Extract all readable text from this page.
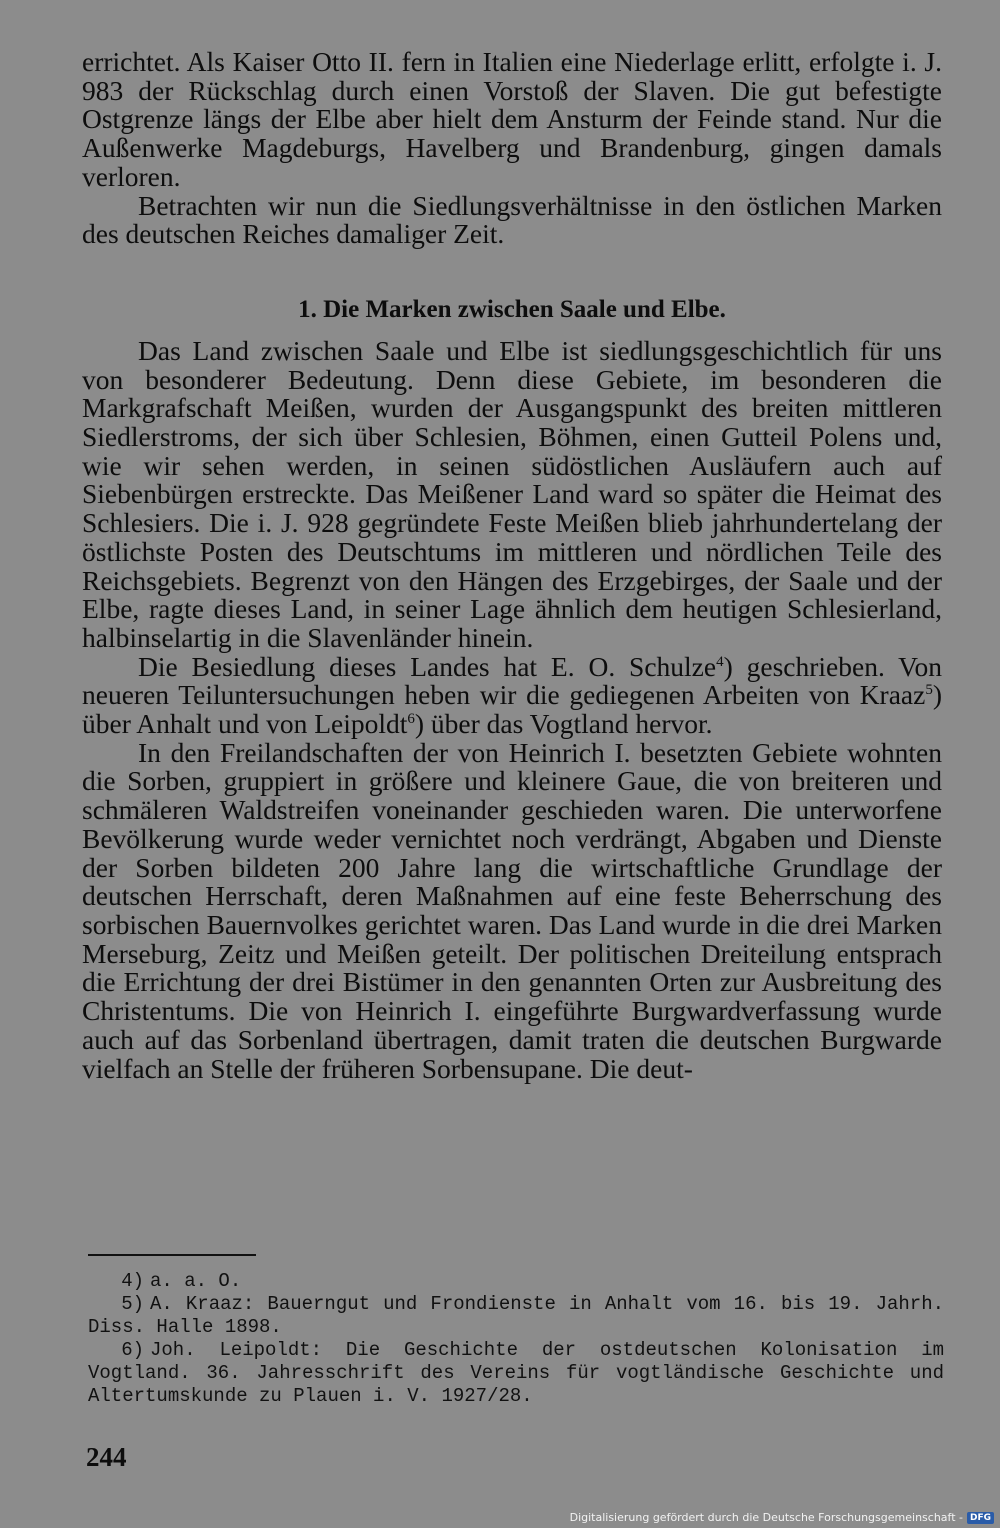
errichtet. Als Kaiser Otto II. fern in Italien eine Niederlage erlitt, erfolgte i. J. 983 der Rückschlag durch einen Vorstoß der Slaven. Die gut befestigte Ostgrenze längs der Elbe aber hielt dem Ansturm der Feinde stand. Nur die Außenwerke Magdeburgs, Havelberg und Brandenburg, gingen damals verloren.

Betrachten wir nun die Siedlungsverhältnisse in den östlichen Marken des deutschen Reiches damaliger Zeit.

1. Die Marken zwischen Saale und Elbe.

Das Land zwischen Saale und Elbe ist siedlungsgeschichtlich für uns von besonderer Bedeutung. Denn diese Gebiete, im besonderen die Markgrafschaft Meißen, wurden der Ausgangspunkt des breiten mittleren Siedlerstroms, der sich über Schlesien, Böhmen, einen Gutteil Polens und, wie wir sehen werden, in seinen südöstlichen Ausläufern auch auf Siebenbürgen erstreckte. Das Meißener Land ward so später die Heimat des Schlesiers. Die i. J. 928 gegründete Feste Meißen blieb jahrhundertelang der östlichste Posten des Deutschtums im mittleren und nördlichen Teile des Reichsgebiets. Begrenzt von den Hängen des Erzgebirges, der Saale und der Elbe, ragte dieses Land, in seiner Lage ähnlich dem heutigen Schlesierland, halbinselartig in die Slavenländer hinein.

Die Besiedlung dieses Landes hat E. O. Schulze$^4$) geschrieben. Von neueren Teiluntersuchungen heben wir die gediegenen Arbeiten von Kraaz$^5$) über Anhalt und von Leipoldt$^6$) über das Vogtland hervor.

In den Freilandschaften der von Heinrich I. besetzten Gebiete wohnten die Sorben, gruppiert in größere und kleinere Gaue, die von breiteren und schmäleren Waldstreifen voneinander geschieden waren. Die unterworfene Bevölkerung wurde weder vernichtet noch verdrängt, Abgaben und Dienste der Sorben bildeten 200 Jahre lang die wirtschaftliche Grundlage der deutschen Herrschaft, deren Maßnahmen auf eine feste Beherrschung des sorbischen Bauernvolkes gerichtet waren. Das Land wurde in die drei Marken Merseburg, Zeitz und Meißen geteilt. Der politischen Dreiteilung entsprach die Errichtung der drei Bistümer in den genannten Orten zur Ausbreitung des Christentums. Die von Heinrich I. eingeführte Burgwardverfassung wurde auch auf das Sorbenland übertragen, damit traten die deutschen Burgwarde vielfach an Stelle der früheren Sorbensupane. Die deut-

4) a. a. O.

5) A. Kraaz: Bauerngut und Frondienste in Anhalt vom 16. bis 19. Jahrh. Diss. Halle 1898.

6) Joh. Leipoldt: Die Geschichte der ostdeutschen Kolonisation im Vogtland. 36. Jahresschrift des Vereins für vogtländische Geschichte und Altertumskunde zu Plauen i. V. 1927/28.

244
Digitalisierung gefördert durch die Deutsche Forschungsgemeinschaft - DFG
